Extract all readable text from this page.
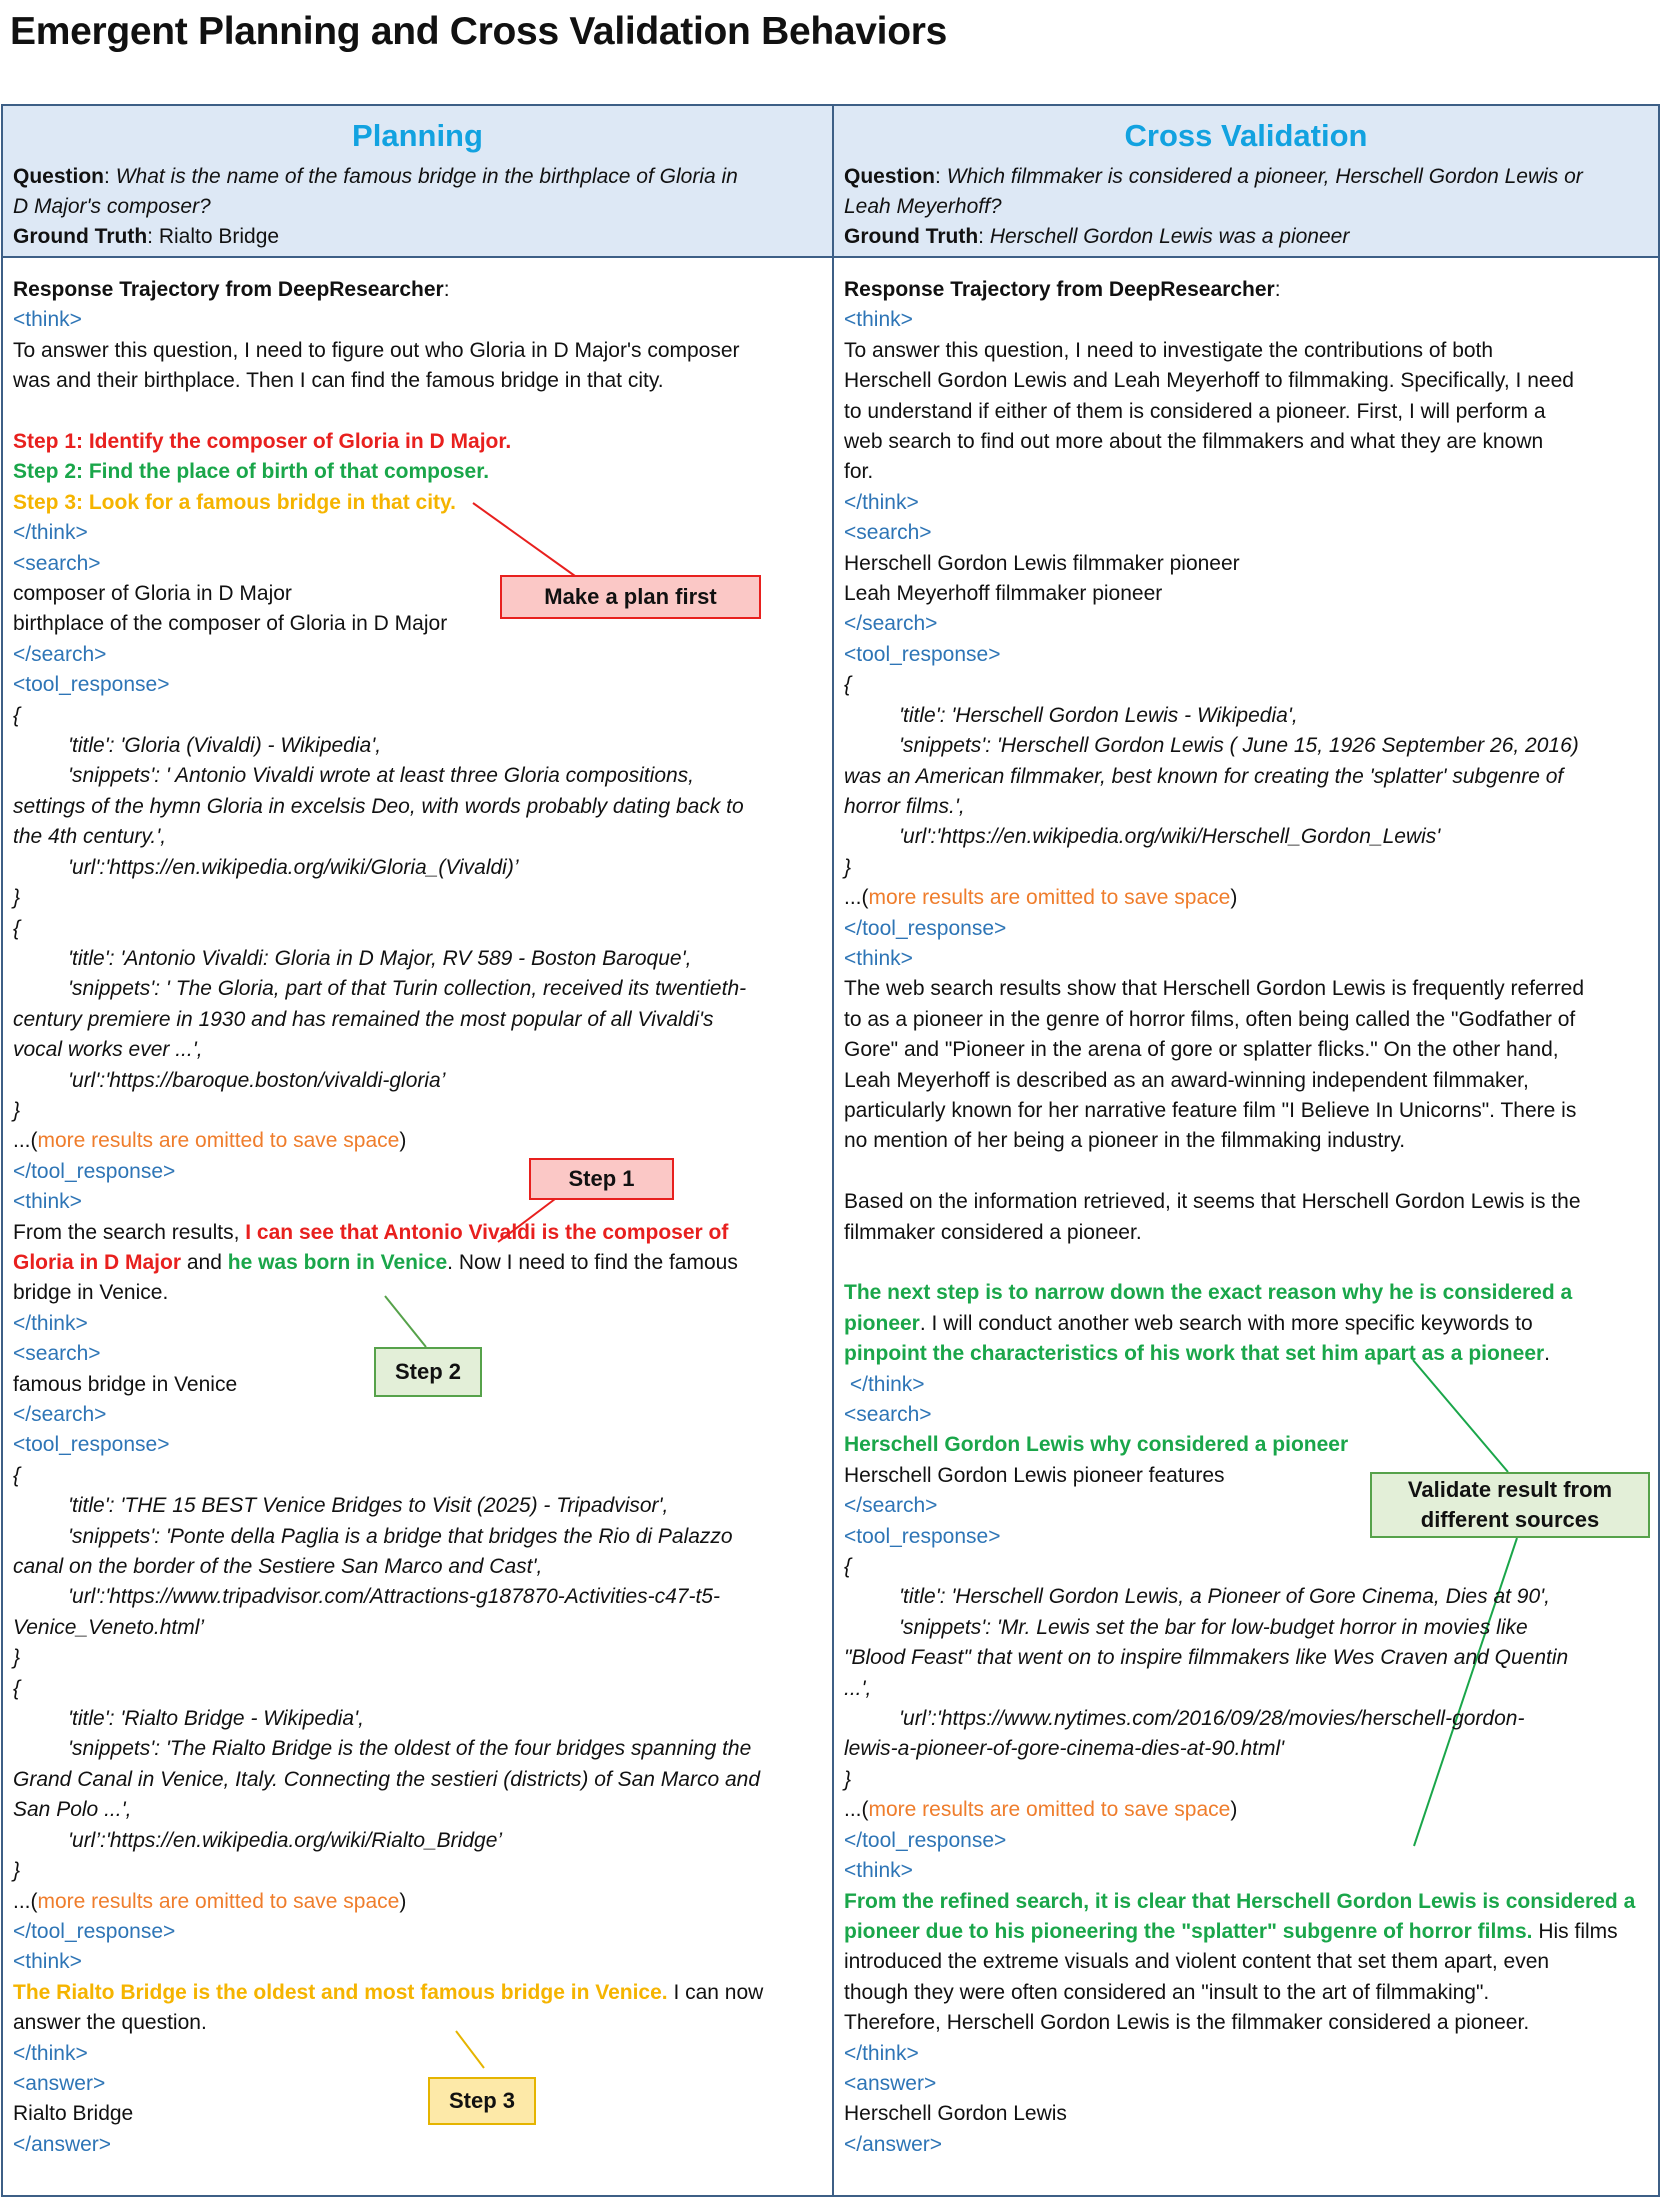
Emergent Planning and Cross Validation Behaviors
Planning

Question: What is the name of the famous bridge in the birthplace of Gloria in

D Major's composer?

Ground Truth: Rialto Bridge

Response Trajectory from DeepResearcher:

<think>

To answer this question, I need to figure out who Gloria in D Major's composer

was and their birthplace. Then I can find the famous bridge in that city.

Step 1: Identify the composer of Gloria in D Major.

Step 2: Find the place of birth of that composer.

Step 3: Look for a famous bridge in that city.

</think>

<search>

composer of Gloria in D Major

birthplace of the composer of Gloria in D Major

</search>

<tool_response>

{

'title': 'Gloria (Vivaldi) - Wikipedia',

'snippets': ' Antonio Vivaldi wrote at least three Gloria compositions,

settings of the hymn Gloria in excelsis Deo, with words probably dating back to

the 4th century.',

'url':'https://en.wikipedia.org/wiki/Gloria_(Vivaldi)’

}

{

'title': 'Antonio Vivaldi: Gloria in D Major, RV 589 - Boston Baroque',

'snippets': ' The Gloria, part of that Turin collection, received its twentieth-

century premiere in 1930 and has remained the most popular of all Vivaldi's

vocal works ever ...',

'url':'https://baroque.boston/vivaldi-gloria’

}

...(more results are omitted to save space)

</tool_response>

<think>

From the search results, I can see that Antonio Vivaldi is the composer of

Gloria in D Major and he was born in Venice. Now I need to find the famous

bridge in Venice.

</think>

<search>

famous bridge in Venice

</search>

<tool_response>

{

'title': 'THE 15 BEST Venice Bridges to Visit (2025) - Tripadvisor',

'snippets': 'Ponte della Paglia is a bridge that bridges the Rio di Palazzo

canal on the border of the Sestiere San Marco and Cast',

'url':'https://www.tripadvisor.com/Attractions-g187870-Activities-c47-t5-

Venice_Veneto.html’

}

{

'title': 'Rialto Bridge - Wikipedia',

'snippets': 'The Rialto Bridge is the oldest of the four bridges spanning the

Grand Canal in Venice, Italy. Connecting the sestieri (districts) of San Marco and

San Polo ...',

'url’:'https://en.wikipedia.org/wiki/Rialto_Bridge’

}

...(more results are omitted to save space)

</tool_response>

<think>

The Rialto Bridge is the oldest and most famous bridge in Venice. I can now

answer the question.

</think>

<answer>

Rialto Bridge

</answer>

Cross Validation

Question: Which filmmaker is considered a pioneer, Herschell Gordon Lewis or

Leah Meyerhoff?

Ground Truth: Herschell Gordon Lewis was a pioneer

Response Trajectory from DeepResearcher:

<think>

To answer this question, I need to investigate the contributions of both

Herschell Gordon Lewis and Leah Meyerhoff to filmmaking. Specifically, I need

to understand if either of them is considered a pioneer. First, I will perform a

web search to find out more about the filmmakers and what they are known

for.

</think>

<search>

Herschell Gordon Lewis filmmaker pioneer

Leah Meyerhoff filmmaker pioneer

</search>

<tool_response>

{

'title': 'Herschell Gordon Lewis - Wikipedia',

'snippets': 'Herschell Gordon Lewis ( June 15, 1926 September 26, 2016)

was an American filmmaker, best known for creating the 'splatter' subgenre of

horror films.',

'url':'https://en.wikipedia.org/wiki/Herschell_Gordon_Lewis'

}

...(more results are omitted to save space)

</tool_response>

<think>

The web search results show that Herschell Gordon Lewis is frequently referred

to as a pioneer in the genre of horror films, often being called the "Godfather of

Gore" and "Pioneer in the arena of gore or splatter flicks." On the other hand,

Leah Meyerhoff is described as an award-winning independent filmmaker,

particularly known for her narrative feature film "I Believe In Unicorns". There is

no mention of her being a pioneer in the filmmaking industry.

Based on the information retrieved, it seems that Herschell Gordon Lewis is the

filmmaker considered a pioneer.

The next step is to narrow down the exact reason why he is considered a

pioneer. I will conduct another web search with more specific keywords to

pinpoint the characteristics of his work that set him apart as a pioneer.

</think>

<search>

Herschell Gordon Lewis why considered a pioneer

Herschell Gordon Lewis pioneer features

</search>

<tool_response>

{

'title': 'Herschell Gordon Lewis, a Pioneer of Gore Cinema, Dies at 90',

'snippets': 'Mr. Lewis set the bar for low-budget horror in movies like

"Blood Feast" that went on to inspire filmmakers like Wes Craven and Quentin

...',

'url’:'https://www.nytimes.com/2016/09/28/movies/herschell-gordon-

lewis-a-pioneer-of-gore-cinema-dies-at-90.html'

}

...(more results are omitted to save space)

</tool_response>

<think>

From the refined search, it is clear that Herschell Gordon Lewis is considered a

pioneer due to his pioneering the "splatter" subgenre of horror films. His films

introduced the extreme visuals and violent content that set them apart, even

though they were often considered an "insult to the art of filmmaking".

Therefore, Herschell Gordon Lewis is the filmmaker considered a pioneer.

</think>

<answer>

Herschell Gordon Lewis

</answer>

Make a plan first
Step 1
Step 2
Step 3
Validate result from
different sources
